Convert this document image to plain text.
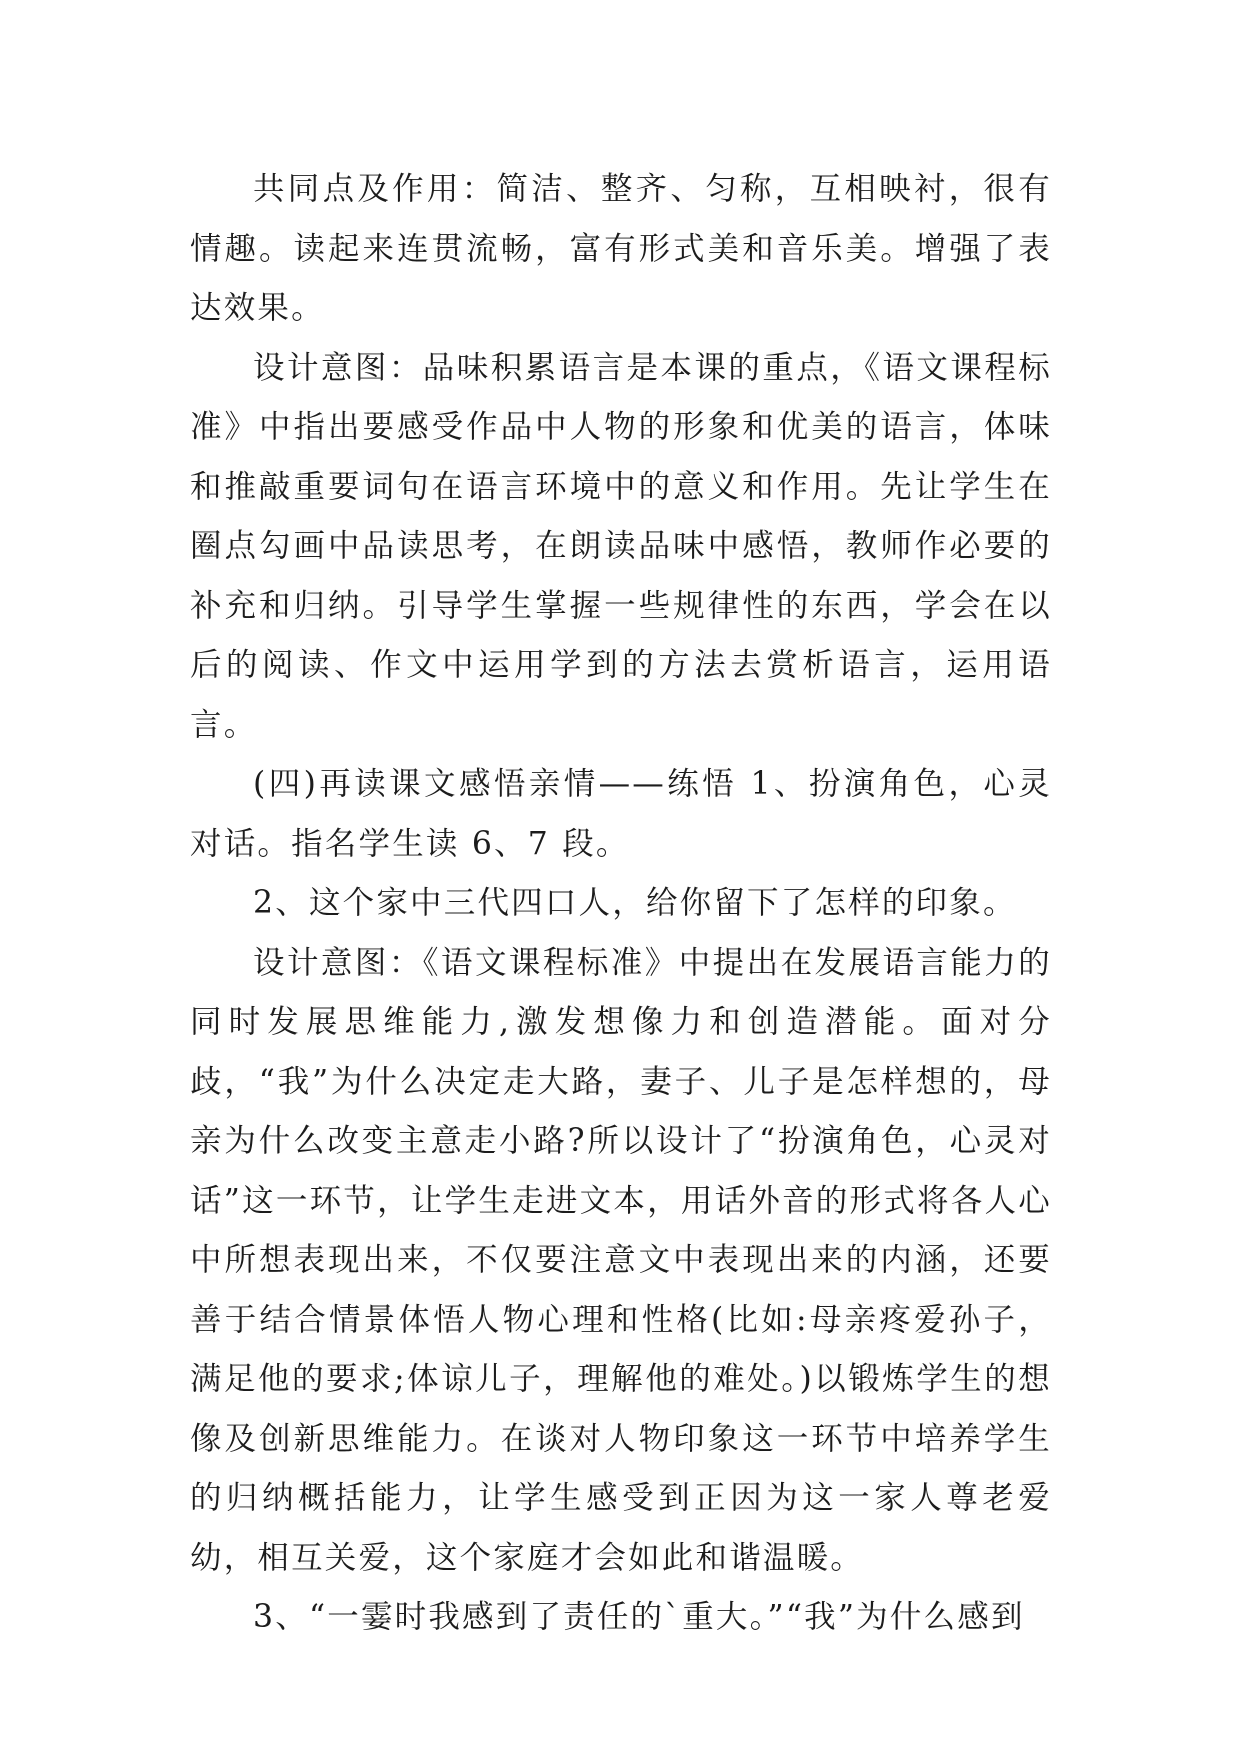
共同点及作用：简洁、整齐、匀称，互相映衬，很有情趣。读起来连贯流畅，富有形式美和音乐美。增强了表达效果。

设计意图：品味积累语言是本课的重点，《语文课程标准》中指出要感受作品中人物的形象和优美的语言，体味和推敲重要词句在语言环境中的意义和作用。先让学生在圈点勾画中品读思考，在朗读品味中感悟，教师作必要的补充和归纳。引导学生掌握一些规律性的东西，学会在以后的阅读、作文中运用学到的方法去赏析语言，运用语言。

(四)再读课文感悟亲情——练悟 1、扮演角色，心灵对话。指名学生读 6、7 段。

2、这个家中三代四口人，给你留下了怎样的印象。

设计意图：《语文课程标准》中提出在发展语言能力的同时发展思维能力,激发想像力和创造潜能。面对分歧，“我”为什么决定走大路，妻子、儿子是怎样想的，母亲为什么改变主意走小路?所以设计了“扮演角色，心灵对话”这一环节，让学生走进文本，用话外音的形式将各人心中所想表现出来，不仅要注意文中表现出来的内涵，还要善于结合情景体悟人物心理和性格(比如:母亲疼爱孙子，满足他的要求;体谅儿子，理解他的难处。)以锻炼学生的想像及创新思维能力。在谈对人物印象这一环节中培养学生的归纳概括能力，让学生感受到正因为这一家人尊老爱幼，相互关爱，这个家庭才会如此和谐温暖。

3、“一霎时我感到了责任的`重大。”“我”为什么感到
